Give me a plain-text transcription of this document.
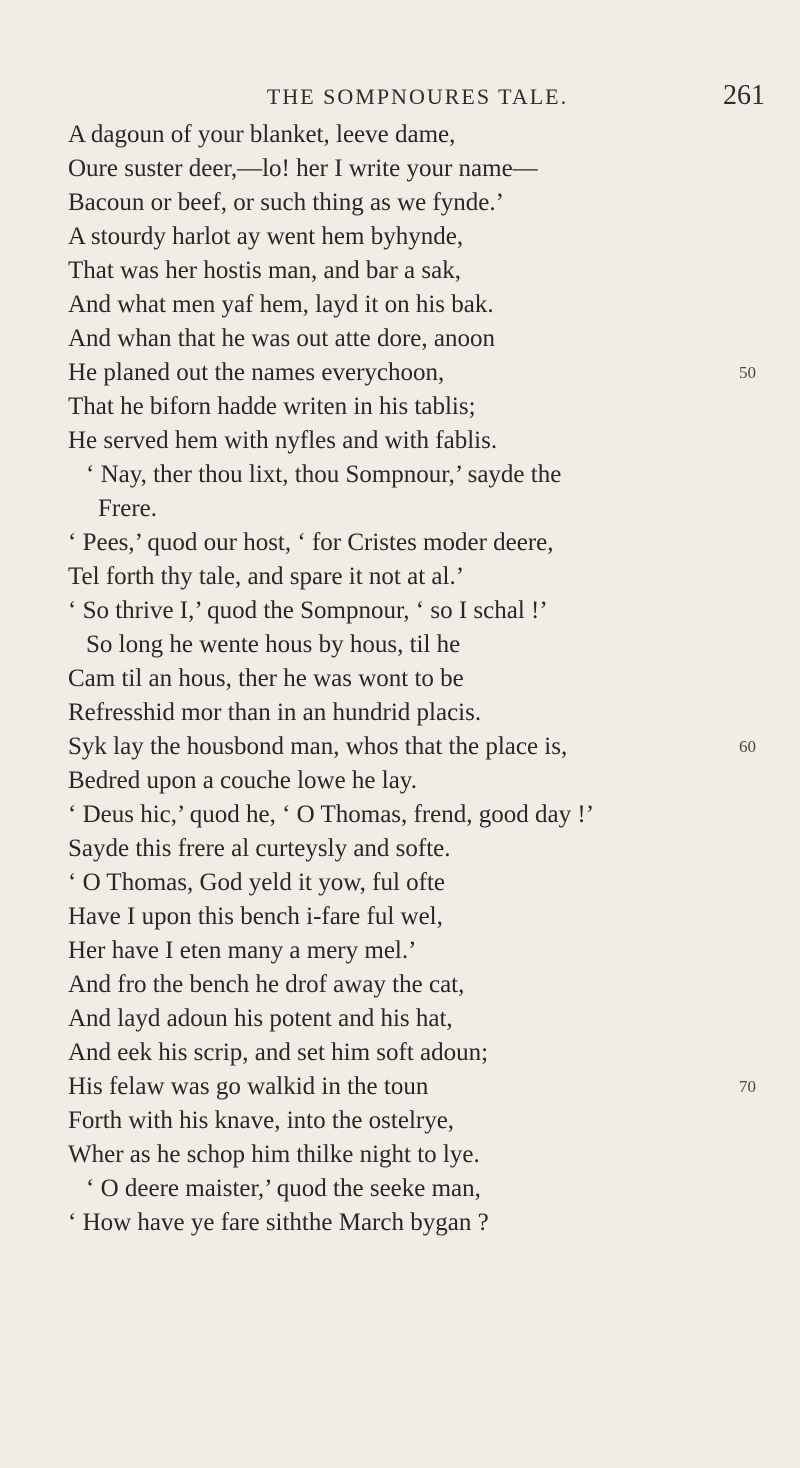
THE SOMPNOURES TALE.	261
A dagoun of your blanket, leeve dame,
Oure suster deer,—lo! her I write your name—
Bacoun or beef, or such thing as we fynde.’
A stourdy harlot ay went hem byhynde,
That was her hostis man, and bar a sak,
And what men yaf hem, layd it on his bak.
And whan that he was out atte dore, anoon
He planed out the names everychoon,	50
That he biforn hadde writen in his tablis;
He served hem with nyfles and with fablis.
‘ Nay, ther thou lixt, thou Sompnour,’ sayde the
Frere.
‘ Pees,’ quod our host, ‘ for Cristes moder deere,
Tel forth thy tale, and spare it not at al.’
‘ So thrive I,’ quod the Sompnour, ‘ so I schal !’
So long he wente hous by hous, til he
Cam til an hous, ther he was wont to be
Refresshid mor than in an hundrid placis.
Syk lay the housbond man, whos that the place is,	60
Bedred upon a couche lowe he lay.
‘ Deus hic,’ quod he, ‘ O Thomas, frend, good day !’
Sayde this frere al curteysly and softe.
‘ O Thomas, God yeld it yow, ful ofte
Have I upon this bench i-fare ful wel,
Her have I eten many a mery mel.’
And fro the bench he drof away the cat,
And layd adoun his potent and his hat,
And eek his scrip, and set him soft adoun;
His felaw was go walkid in the toun	70
Forth with his knave, into the ostelrye,
Wher as he schop him thilke night to lye.
‘ O deere maister,’ quod the seeke man,
‘ How have ye fare siththe March bygan ?
